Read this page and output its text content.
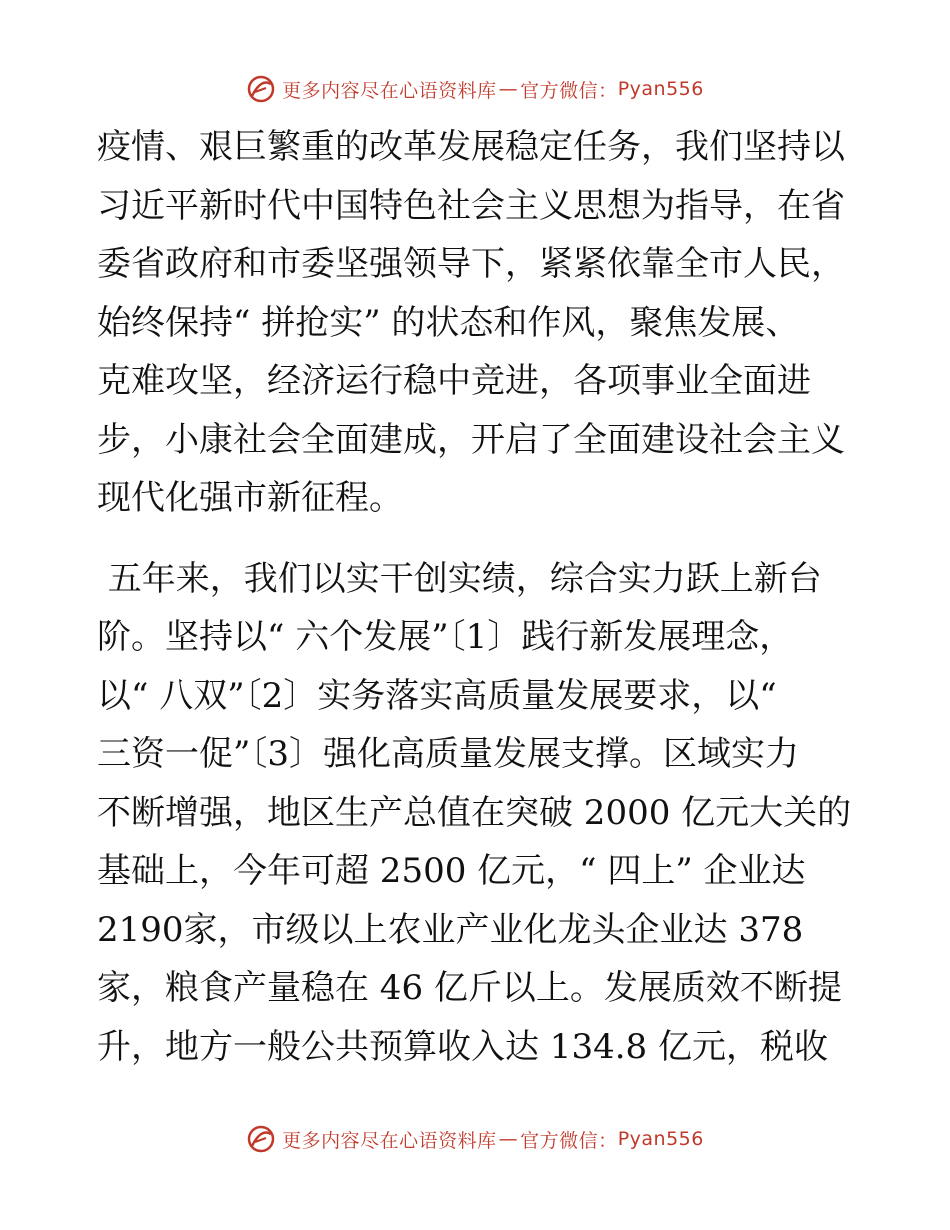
更多内容尽在心语资料库 — 官方微信： Pyan556
疫情、艰巨繁重的改革发展稳定任务，我们坚持以
习近平新时代中国特色社会主义思想为指导，在省
委省政府和市委坚强领导下，紧紧依靠全市人民，
始终保持“ 拼抢实” 的状态和作风，聚焦发展、
克难攻坚，经济运行稳中竞进，各项事业全面进
步，小康社会全面建成，开启了全面建设社会主义
现代化强市新征程。
五年来，我们以实干创实绩，综合实力跃上新台
阶。坚持以“ 六个发展”〔1〕践行新发展理念，
以“ 八双”〔2〕实务落实高质量发展要求，以“
三资一促”〔3〕强化高质量发展支撑。区域实力
不断增强，地区生产总值在突破 2000 亿元大关的
基础上，今年可超 2500 亿元，“ 四上” 企业达
2190家，市级以上农业产业化龙头企业达 378
家，粮食产量稳在 46 亿斤以上。发展质效不断提
升，地方一般公共预算收入达 134.8 亿元，税收
更多内容尽在心语资料库 — 官方微信： Pyan556
